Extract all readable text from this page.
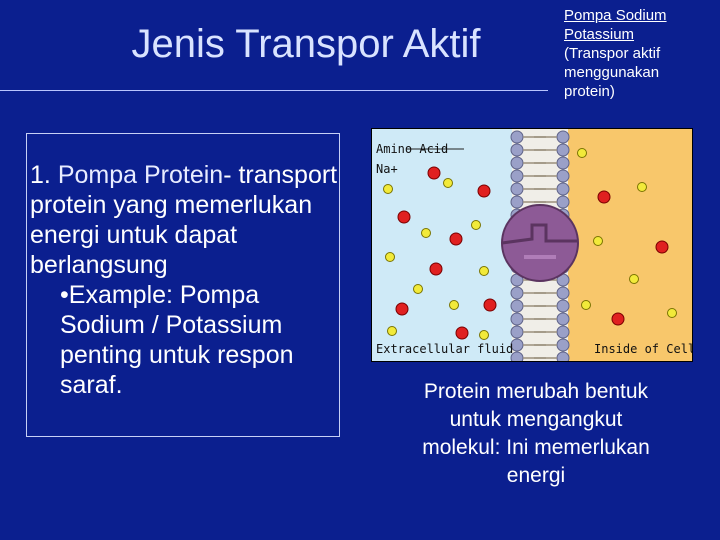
Jenis Transpor Aktif
Pompa Sodium
Potassium
(Transpor aktif
menggunakan
protein)
1. Pompa Protein- transport protein yang memerlukan energi untuk dapat berlangsung
•Example: Pompa Sodium / Potassium penting untuk respon saraf.
Amino Acid
Na+
Extracellular fluid	Inside of Cell
Protein merubah bentuk untuk mengangkut molekul: Ini memerlukan energi
